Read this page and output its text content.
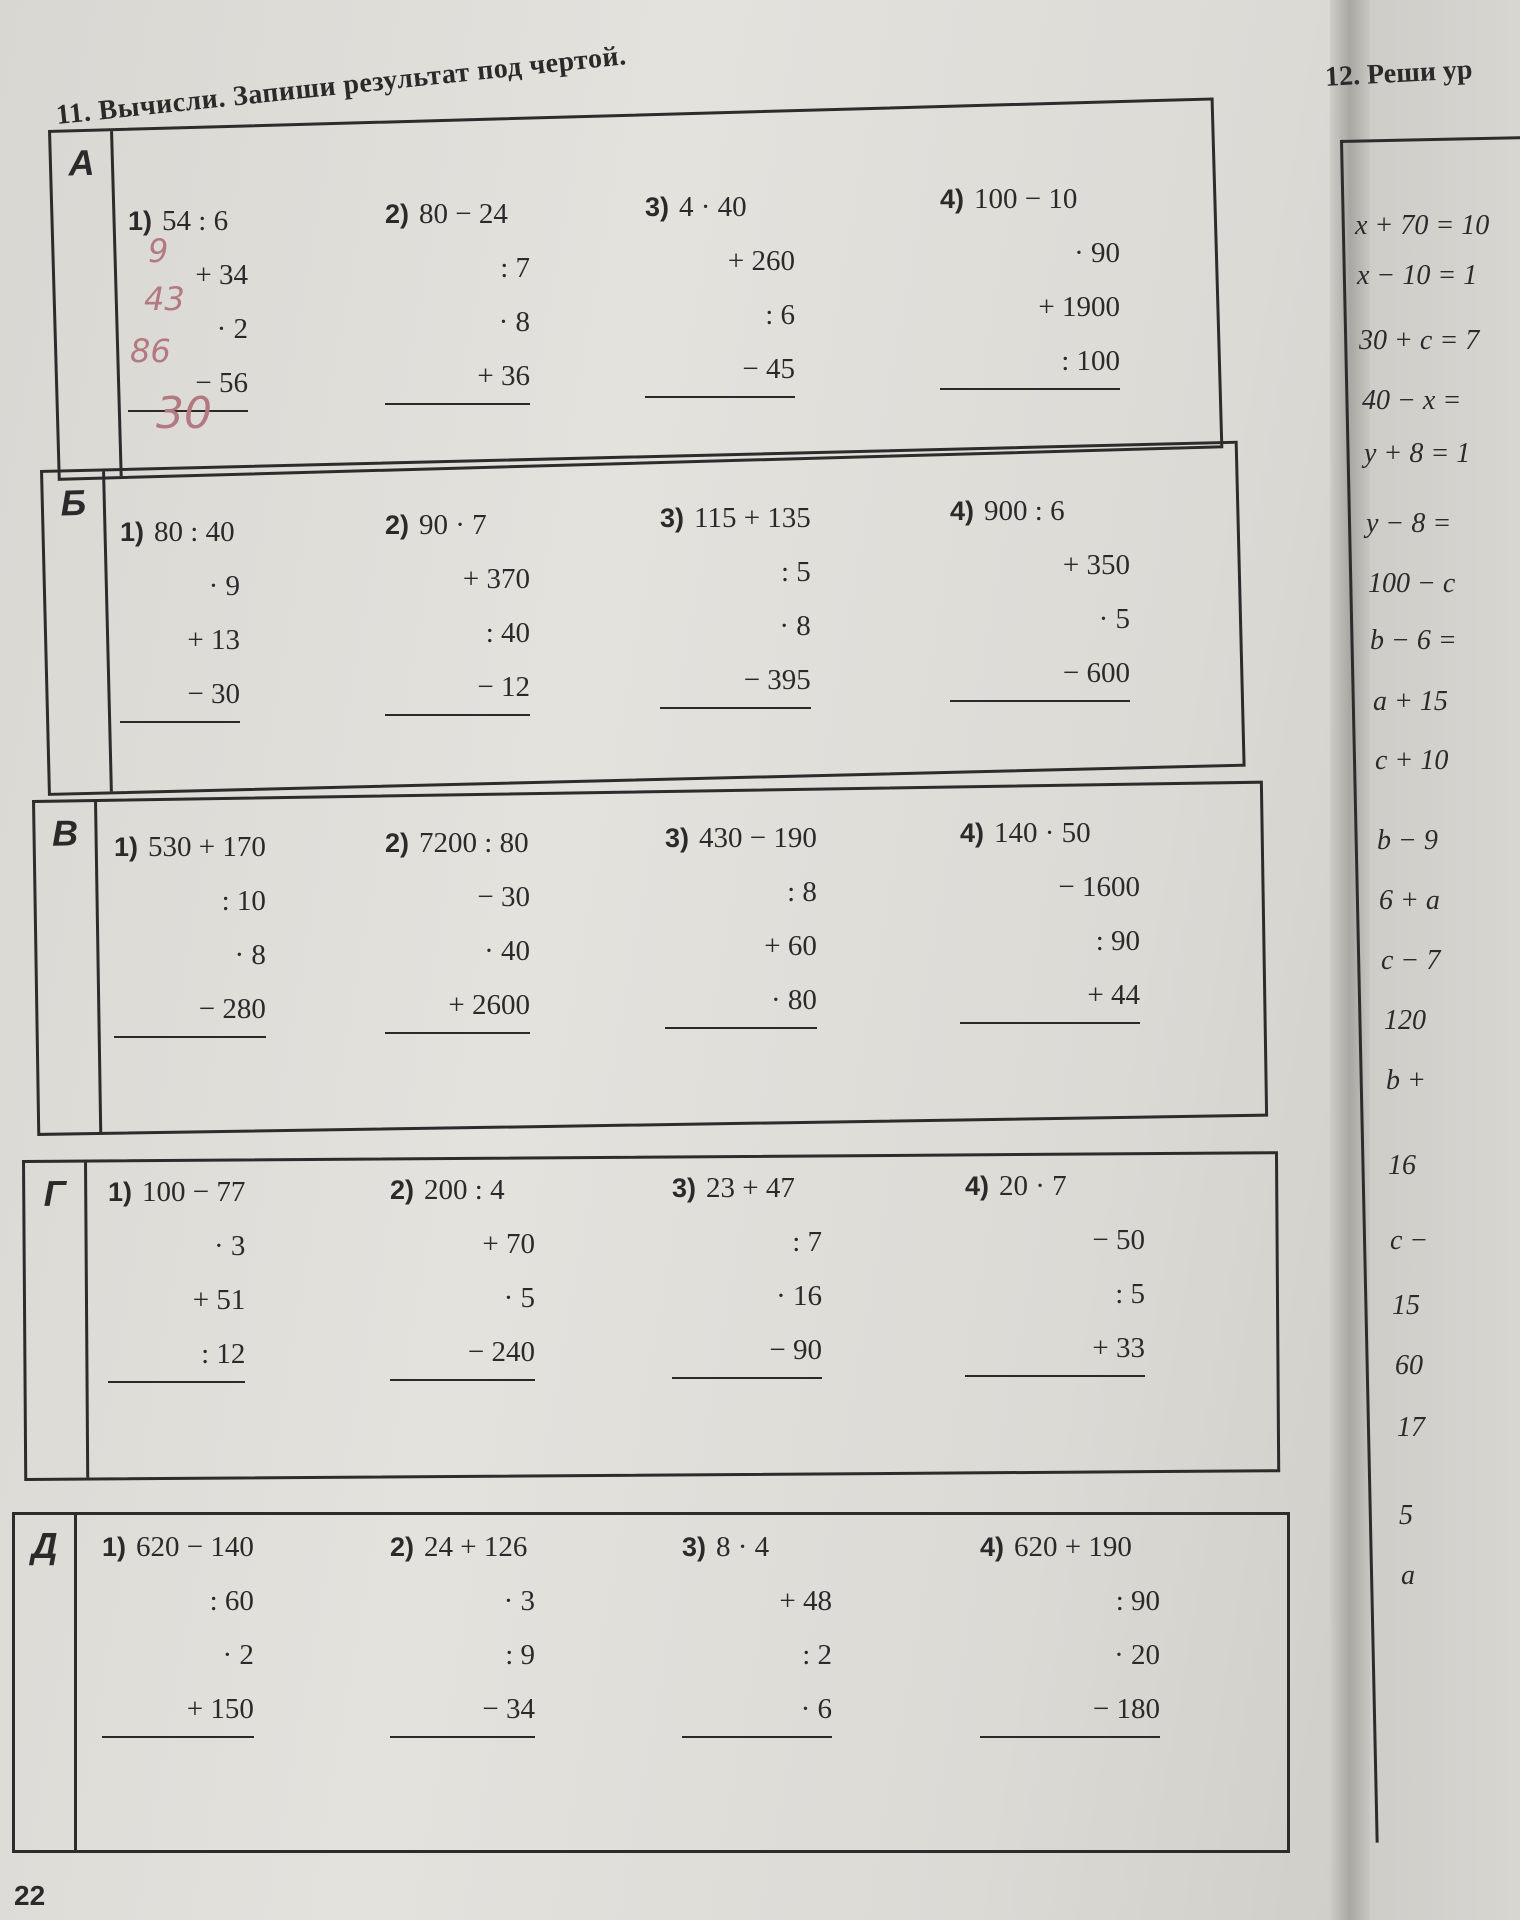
11. Вычисли. Запиши результат под чертой.	12. Реши ур
А
Б
В
Г
Д
1) 54 : 6
+ 34
· 2
− 56
2) 80 − 24
: 7
· 8
+ 36
3) 4 · 40
+ 260
: 6
− 45
4) 100 − 10
· 90
+ 1900
: 100
1) 80 : 40
· 9
+ 13
− 30
2) 90 · 7
+ 370
: 40
− 12
3) 115 + 135
: 5
· 8
− 395
4) 900 : 6
+ 350
· 5
− 600
1) 530 + 170
: 10
· 8
− 280
2) 7200 : 80
− 30
· 40
+ 2600
3) 430 − 190
: 8
+ 60
· 80
4) 140 · 50
− 1600
: 90
+ 44
1) 100 − 77
· 3
+ 51
: 12
2) 200 : 4
+ 70
· 5
− 240
3) 23 + 47
: 7
· 16
− 90
4) 20 · 7
− 50
: 5
+ 33
1) 620 − 140
: 60
· 2
+ 150
2) 24 + 126
· 3
: 9
− 34
3) 8 · 4
+ 48
: 2
· 6
4) 620 + 190
: 90
· 20
− 180
9
43
86
30
x + 70 = 10
x − 10 = 1
30 + c = 7
40 − x =
y + 8 = 1
y − 8 =
100 − c
b − 6 =
a + 15
c + 10
b − 9
6 + a
c − 7
120
b +
16
c −
15
60
17
5
a
22
